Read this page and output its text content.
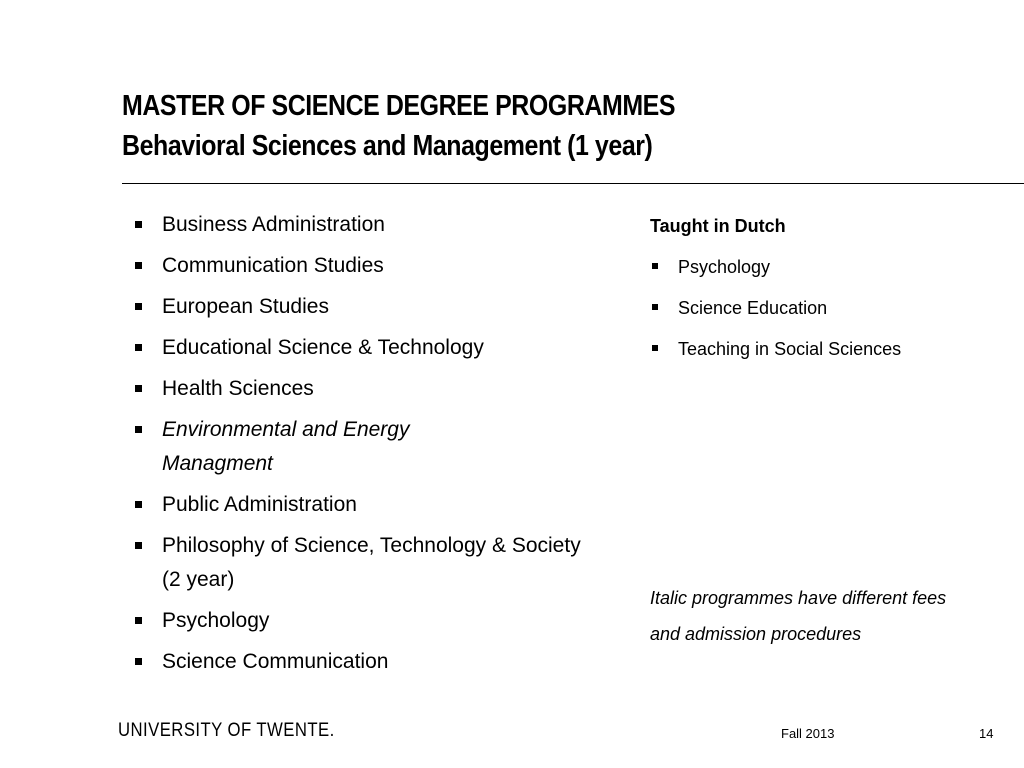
MASTER OF SCIENCE DEGREE PROGRAMMES
Behavioral Sciences and Management (1 year)
Business Administration
Communication Studies
European Studies
Educational Science & Technology
Health Sciences
Environmental and Energy Managment
Public Administration
Philosophy of Science, Technology & Society (2 year)
Psychology
Science Communication
Taught in Dutch
Psychology
Science Education
Teaching in Social Sciences
Italic programmes have different fees and admission procedures
UNIVERSITY OF TWENTE.	Fall 2013	14
